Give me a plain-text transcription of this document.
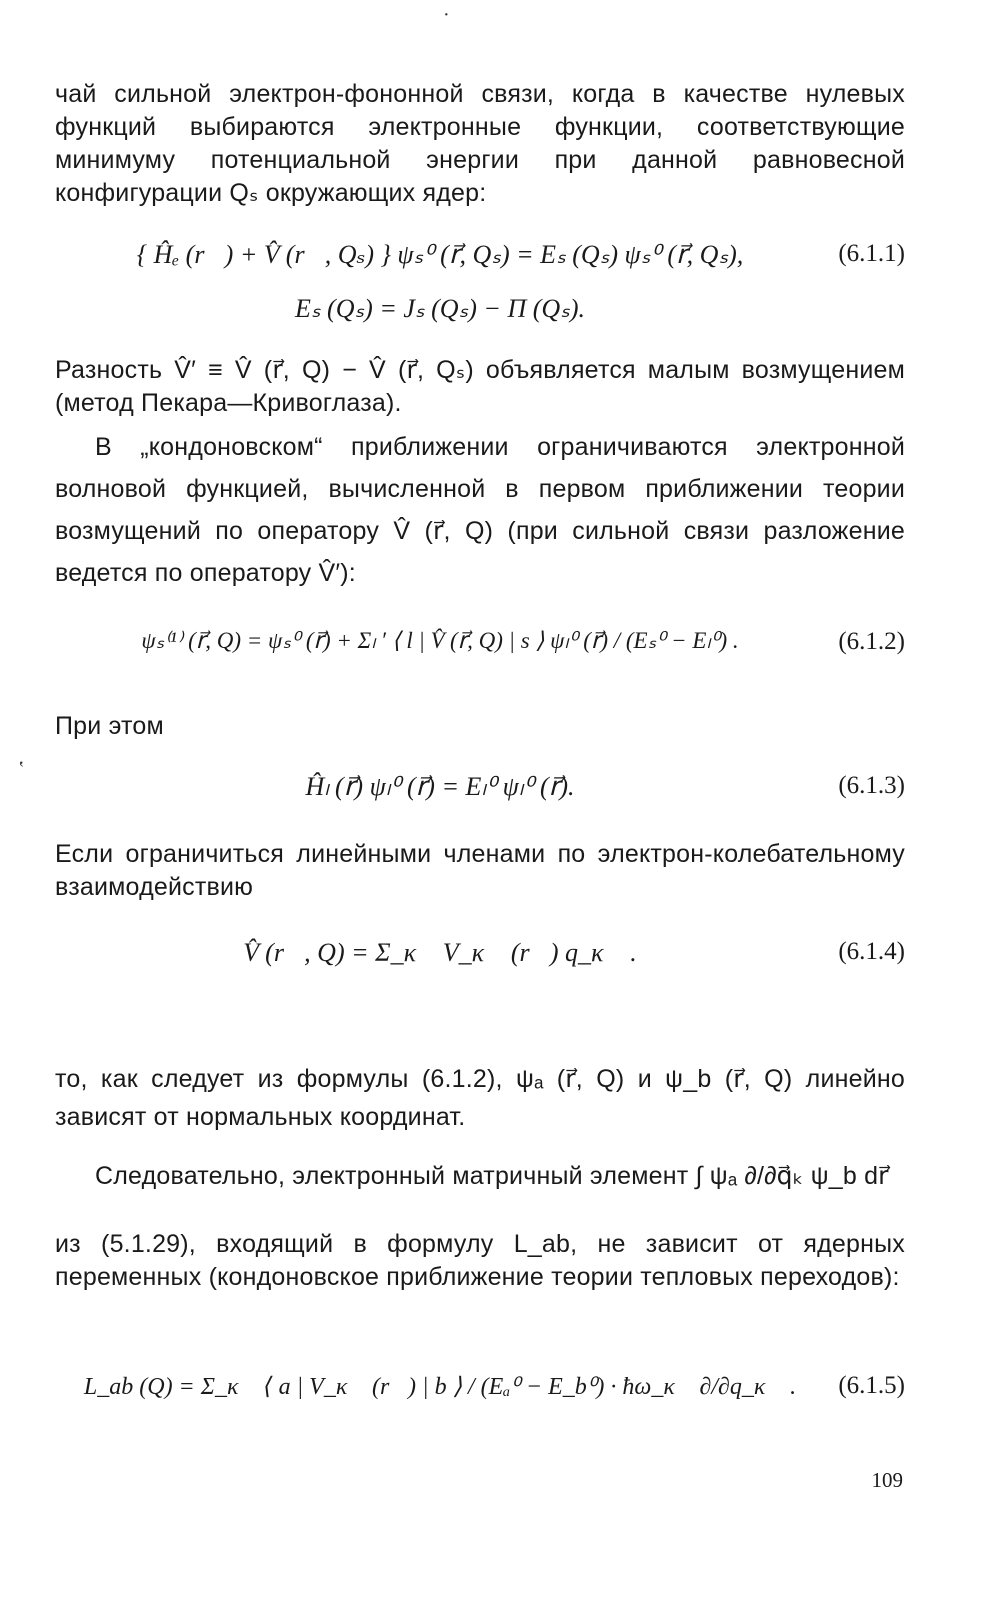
·
ʽ

чай сильной электрон-фононной связи, когда в качестве нулевых функций выбираются электронные функции, соответствующие минимуму потенциальной энергии при данной равновесной конфигурации Qₛ окружающих ядер:

{ Ĥₑ (r⃗) + V̂ (r⃗, Qₛ) } ψₛ⁰ (r⃗, Qₛ) = Eₛ (Qₛ) ψₛ⁰ (r⃗, Qₛ),	(6.1.1)
Eₛ (Qₛ) = Jₛ (Qₛ) − Π (Qₛ).

Разность V̂′ ≡ V̂ (r⃗, Q) − V̂ (r⃗, Qₛ) объявляется малым возмущением (метод Пекара—Кривоглаза).

В „кондоновском“ приближении ограничиваются электронной волновой функцией, вычисленной в первом приближении теории возмущений по оператору V̂ (r⃗, Q) (при сильной связи разложение ведется по оператору V̂′):

ψₛ⁽¹⁾ (r⃗, Q) = ψₛ⁰ (r⃗) + Σₗ ′ ⟨ l | V̂ (r⃗, Q) | s ⟩ ψₗ⁰ (r⃗) / (Eₛ⁰ − Eₗ⁰) .	(6.1.2)

При этом

Ĥₗ (r⃗) ψₗ⁰ (r⃗) = Eₗ⁰ ψₗ⁰ (r⃗).	(6.1.3)

Если ограничиться линейными членами по электрон-колебательному взаимодействию

V̂ (r⃗, Q) = Σ_κ⃗ V_κ⃗ (r⃗) q_κ⃗ .	(6.1.4)

то, как следует из формулы (6.1.2), ψₐ (r⃗, Q) и ψ_b (r⃗, Q) линейно зависят от нормальных координат.

Следовательно, электронный матричный элемент ∫ ψₐ ∂/∂q⃗ₖ ψ_b dr⃗

из (5.1.29), входящий в формулу L_ab, не зависит от ядерных переменных (кондоновское приближение теории тепловых переходов):

L_ab (Q) = Σ_κ⃗ ⟨ a | V_κ⃗ (r⃗) | b ⟩ / (Eₐ⁰ − E_b⁰) · ħω_κ⃗ ∂/∂q_κ⃗ .	(6.1.5)
109
